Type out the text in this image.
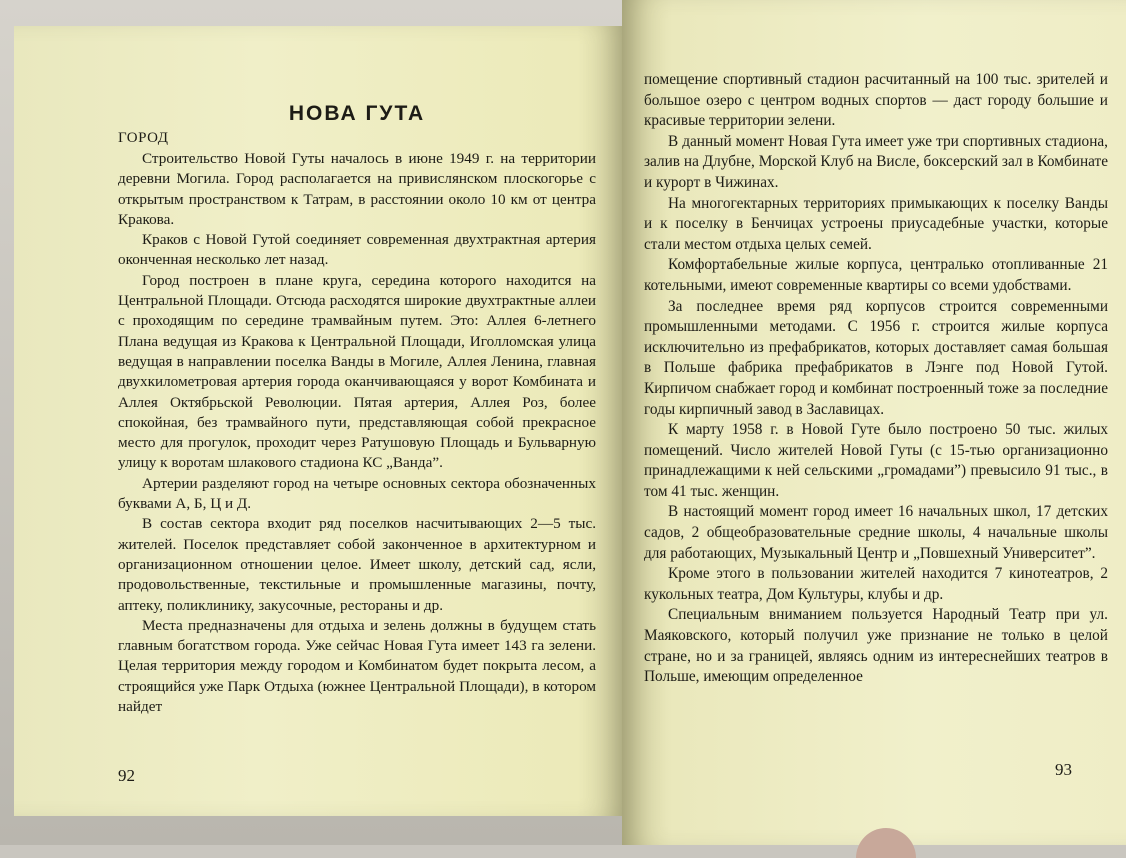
НОВА ГУТА
ГОРОД

Строительство Новой Гуты началось в июне 1949 г. на территории деревни Могила. Город располагается на привислянском плоскогорье с открытым пространством к Татрам, в расстоянии около 10 км от центра Кракова.

Краков с Новой Гутой соединяет современная двухтрактная артерия оконченная несколько лет назад.

Город построен в плане круга, середина которого находится на Центральной Площади. Отсюда расходятся широкие двухтрактные аллеи с проходящим по середине трамвайным путем. Это: Аллея 6-летнего Плана ведущая из Кракова к Центральной Площади, Иголломская улица ведущая в направлении поселка Ванды в Могиле, Аллея Ленина, главная двухкилометровая артерия города оканчивающаяся у ворот Комбината и Аллея Октябрьской Революции. Пятая артерия, Аллея Роз, более спокойная, без трамвайного пути, представляющая собой прекрасное место для прогулок, проходит через Ратушовую Площадь и Бульварную улицу к воротам шлакового стадиона КС „Ванда”.

Артерии разделяют город на четыре основных сектора обозначенных буквами А, Б, Ц и Д.

В состав сектора входит ряд поселков насчитывающих 2—5 тыс. жителей. Поселок представляет собой законченное в архитектурном и организационном отношении целое. Имеет школу, детский сад, ясли, продовольственные, текстильные и промышленные магазины, почту, аптеку, поликлинику, закусочные, рестораны и др.

Места предназначены для отдыха и зелень должны в будущем стать главным богатством города. Уже сейчас Новая Гута имеет 143 га зелени. Целая территория между городом и Комбинатом будет покрыта лесом, а строящийся уже Парк Отдыха (южнее Центральной Площади), в котором найдет

92

помещение спортивный стадион расчитанный на 100 тыс. зрителей и большое озеро с центром водных спортов — даст городу большие и красивые территории зелени.

В данный момент Новая Гута имеет уже три спортивных стадиона, залив на Длубне, Морской Клуб на Висле, боксерский зал в Комбинате и курорт в Чижинах.

На многогектарных территориях примыкающих к поселку Ванды и к поселку в Бенчицах устроены приусадебные участки, которые стали местом отдыха целых семей.

Комфортабельные жилые корпуса, централько отопливанные 21 котельными, имеют современные квартиры со всеми удобствами.

За последнее время ряд корпусов строится современными промышленными методами. С 1956 г. строится жилые корпуса исключительно из префабрикатов, которых доставляет самая большая в Польше фабрика префабрикатов в Лэнге под Новой Гутой. Кирпичом снабжает город и комбинат построенный тоже за последние годы кирпичный завод в Заславицах.

К марту 1958 г. в Новой Гуте было построено 50 тыс. жилых помещений. Число жителей Новой Гуты (с 15-тью организационно принадлежащими к ней сельскими „громадами”) превысило 91 тыс., в том 41 тыс. женщин.

В настоящий момент город имеет 16 начальных школ, 17 детских садов, 2 общеобразовательные средние школы, 4 начальные школы для работающих, Музыкальный Центр и „Повшехный Университет”.

Кроме этого в пользовании жителей находится 7 кинотеатров, 2 кукольных театра, Дом Культуры, клубы и др.

Специальным вниманием пользуется Народный Театр при ул. Маяковского, который получил уже признание не только в целой стране, но и за границей, являясь одним из интереснейших театров в Польше, имеющим определенное

93
